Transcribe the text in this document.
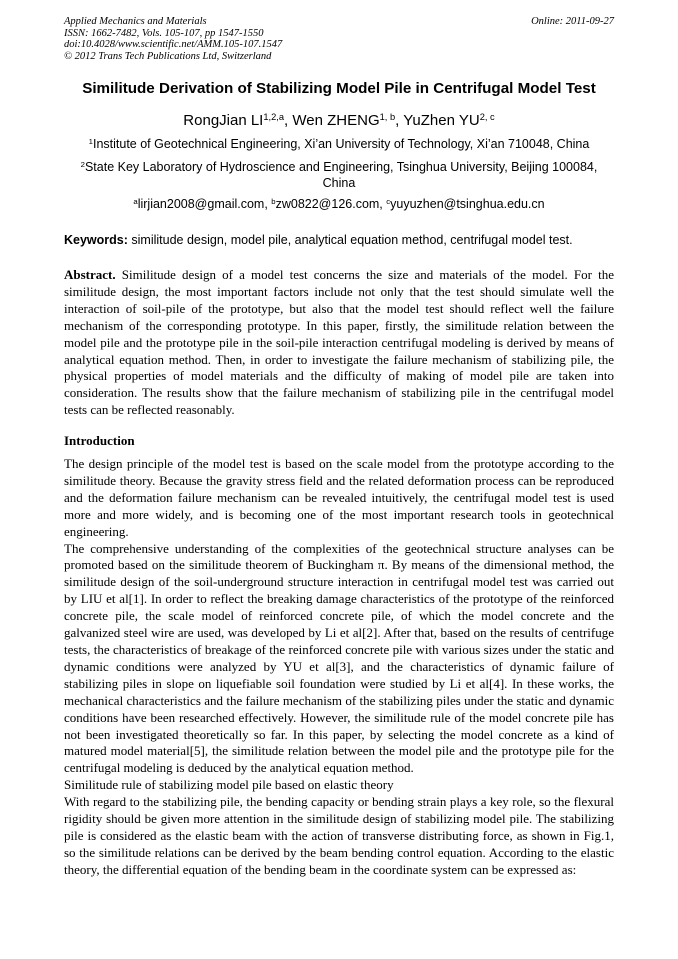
Applied Mechanics and Materials
ISSN: 1662-7482, Vols. 105-107, pp 1547-1550
doi:10.4028/www.scientific.net/AMM.105-107.1547
© 2012 Trans Tech Publications Ltd, Switzerland
Online: 2011-09-27
Similitude Derivation of Stabilizing Model Pile in Centrifugal Model Test
RongJian LI$^{1,2,a}$, Wen ZHENG$^{1, b}$, YuZhen YU$^{2, c}$
$^1$Institute of Geotechnical Engineering, Xi’an University of Technology, Xi’an 710048, China
$^2$State Key Laboratory of Hydroscience and Engineering, Tsinghua University, Beijing 100084, China
$^a$lirjian2008@gmail.com, $^b$zw0822@126.com, $^c$yuyuzhen@tsinghua.edu.cn
Keywords: similitude design, model pile, analytical equation method, centrifugal model test.
Abstract. Similitude design of a model test concerns the size and materials of the model. For the similitude design, the most important factors include not only that the test should simulate well the interaction of soil-pile of the prototype, but also that the model test should reflect well the failure mechanism of the corresponding prototype. In this paper, firstly, the similitude relation between the model pile and the prototype pile in the soil-pile interaction centrifugal modeling is derived by means of analytical equation method. Then, in order to investigate the failure mechanism of stabilizing pile, the physical properties of model materials and the difficulty of making of model pile are taken into consideration. The results show that the failure mechanism of stabilizing pile in the centrifugal model tests can be reflected reasonably.
Introduction
The design principle of the model test is based on the scale model from the prototype according to the similitude theory. Because the gravity stress field and the related deformation process can be reproduced and the deformation failure mechanism can be revealed intuitively, the centrifugal model test is used more and more widely, and is becoming one of the most important research tools in geotechnical engineering.
The comprehensive understanding of the complexities of the geotechnical structure analyses can be promoted based on the similitude theorem of Buckingham π. By means of the dimensional method, the similitude design of the soil-underground structure interaction in centrifugal model test was carried out by LIU et al[1]. In order to reflect the breaking damage characteristics of the prototype of the reinforced concrete pile, the scale model of reinforced concrete pile, of which the model concrete and the galvanized steel wire are used, was developed by Li et al[2]. After that, based on the results of centrifuge tests, the characteristics of breakage of the reinforced concrete pile with various sizes under the static and dynamic conditions were analyzed by YU et al[3], and the characteristics of dynamic failure of stabilizing piles in slope on liquefiable soil foundation were studied by Li et al[4]. In these works, the mechanical characteristics and the failure mechanism of the stabilizing piles under the static and dynamic conditions have been researched effectively. However, the similitude rule of the model concrete pile has not been investigated theoretically so far. In this paper, by selecting the model concrete as a kind of matured model material[5], the similitude relation between the model pile and the prototype pile for the centrifugal modeling is deduced by the analytical equation method.
Similitude rule of stabilizing model pile based on elastic theory
With regard to the stabilizing pile, the bending capacity or bending strain plays a key role, so the flexural rigidity should be given more attention in the similitude design of stabilizing model pile. The stabilizing pile is considered as the elastic beam with the action of transverse distributing force, as shown in Fig.1, so the similitude relations can be derived by the beam bending control equation. According to the elastic theory, the differential equation of the bending beam in the coordinate system can be expressed as:
